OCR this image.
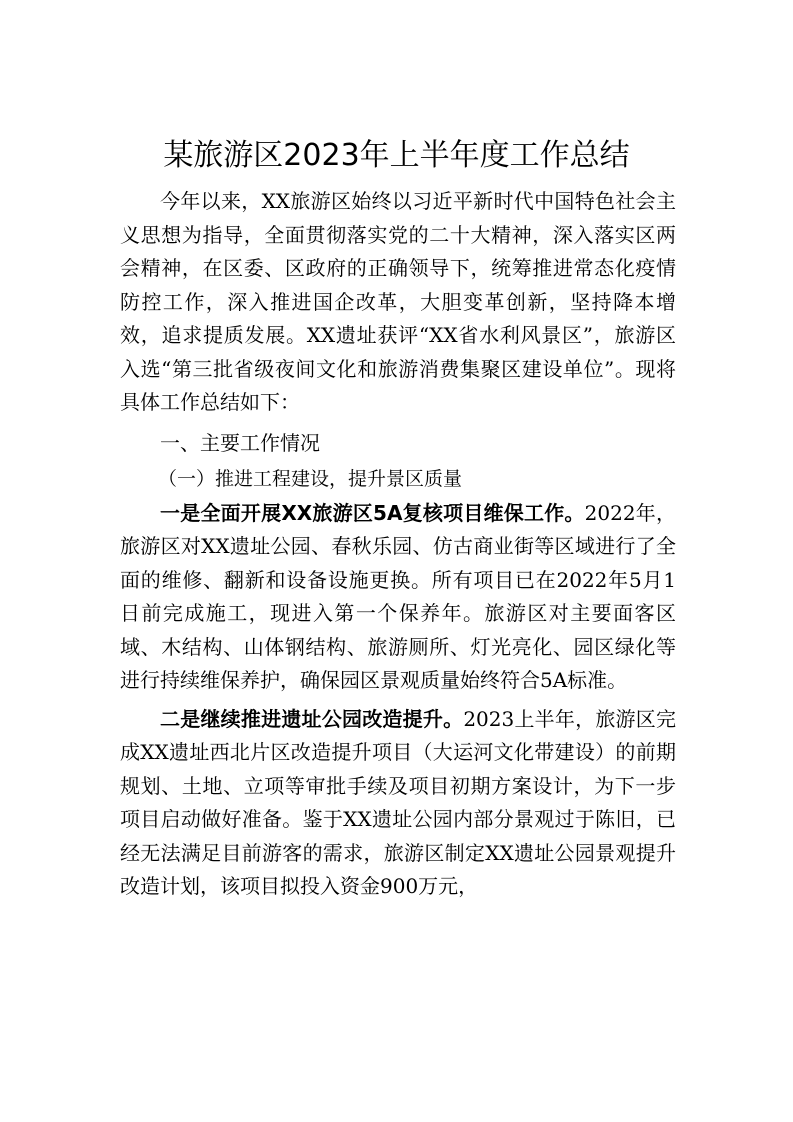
某旅游区2023年上半年度工作总结

今年以来，XX旅游区始终以习近平新时代中国特色社会主义思想为指导，全面贯彻落实党的二十大精神，深入落实区两会精神，在区委、区政府的正确领导下，统筹推进常态化疫情防控工作，深入推进国企改革，大胆变革创新，坚持降本增效，追求提质发展。XX遗址获评“XX省水利风景区”，旅游区入选“第三批省级夜间文化和旅游消费集聚区建设单位”。现将具体工作总结如下：

一、主要工作情况

（一）推进工程建设，提升景区质量

一是全面开展XX旅游区5A复核项目维保工作。2022年，旅游区对XX遗址公园、春秋乐园、仿古商业街等区域进行了全面的维修、翻新和设备设施更换。所有项目已在2022年5月1日前完成施工，现进入第一个保养年。旅游区对主要面客区域、木结构、山体钢结构、旅游厕所、灯光亮化、园区绿化等进行持续维保养护，确保园区景观质量始终符合5A标准。

二是继续推进遗址公园改造提升。2023上半年，旅游区完成XX遗址西北片区改造提升项目（大运河文化带建设）的前期规划、土地、立项等审批手续及项目初期方案设计，为下一步项目启动做好准备。鉴于XX遗址公园内部分景观过于陈旧，已经无法满足目前游客的需求，旅游区制定XX遗址公园景观提升改造计划，该项目拟投入资金900万元，
